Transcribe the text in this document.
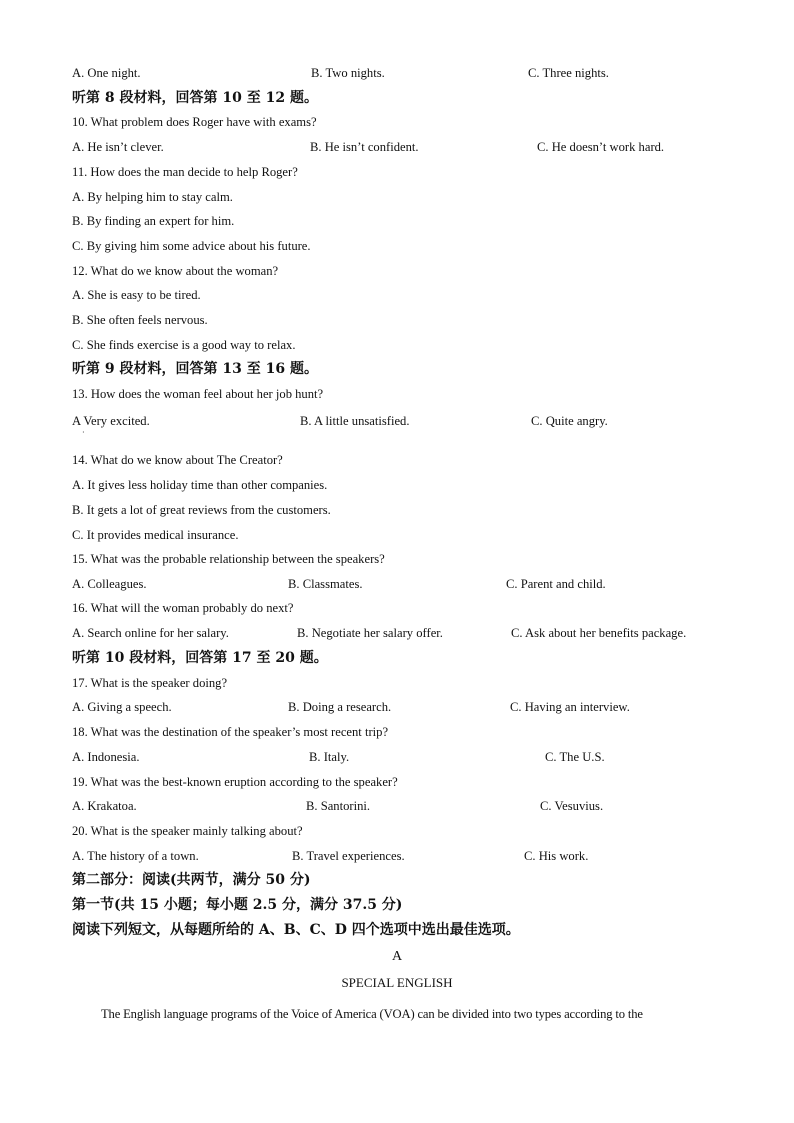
A. One night.	B. Two nights.	C. Three nights.
听第 8 段材料，回答第 10 至 12 题。
10. What problem does Roger have with exams?
A. He isn’t clever.	B. He isn’t confident.	C. He doesn’t work hard.
11. How does the man decide to help Roger?
A. By helping him to stay calm.
B. By finding an expert for him.
C. By giving him some advice about his future.
12. What do we know about the woman?
A. She is easy to be tired.
B. She often feels nervous.
C. She finds exercise is a good way to relax.
听第 9 段材料，回答第 13 至 16 题。
13. How does the woman feel about her job hunt?
A Very excited.
·
B. A little unsatisfied.	C. Quite angry.
14. What do we know about The Creator?
A. It gives less holiday time than other companies.
B. It gets a lot of great reviews from the customers.
C. It provides medical insurance.
15. What was the probable relationship between the speakers?
A. Colleagues.	B. Classmates.	C. Parent and child.
16. What will the woman probably do next?
A. Search online for her salary.	B. Negotiate her salary offer.	C. Ask about her benefits package.
听第 10 段材料，回答第 17 至 20 题。
17. What is the speaker doing?
A. Giving a speech.	B. Doing a research.	C. Having an interview.
18. What was the destination of the speaker’s most recent trip?
A. Indonesia.	B. Italy.	C. The U.S.
19. What was the best-known eruption according to the speaker?
A. Krakatoa.	B. Santorini.	C. Vesuvius.
20. What is the speaker mainly talking about?
A. The history of a town.	B. Travel experiences.	C. His work.
第二部分：阅读(共两节，满分 50 分)
第一节(共 15 小题；每小题 2.5 分，满分 37.5 分)
阅读下列短文，从每题所给的 A、B、C、D 四个选项中选出最佳选项。
A
SPECIAL ENGLISH
The English language programs of the Voice of America (VOA) can be divided into two types according to the
